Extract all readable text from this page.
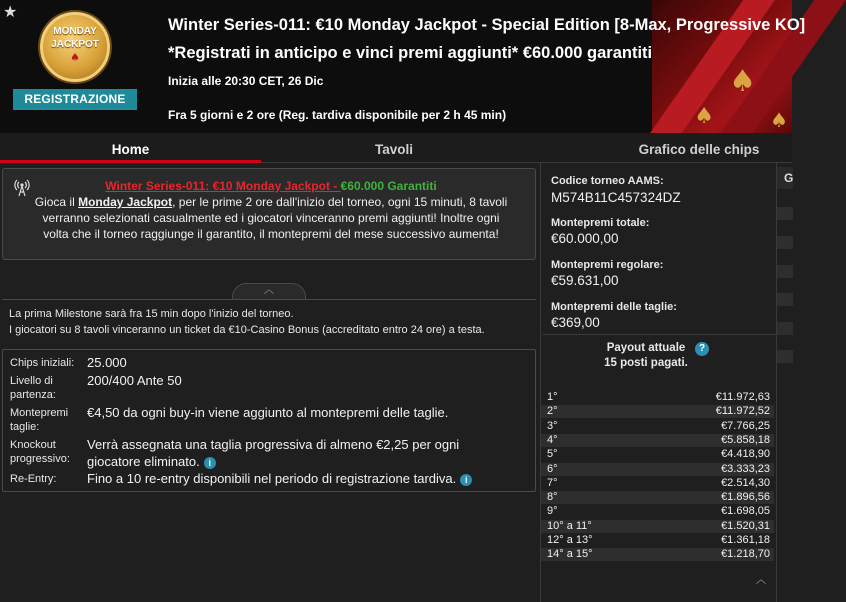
♠
♠	♠
★
MONDAY
JACKPOT
♠
REGISTRAZIONE
Winter Series-011: €10 Monday Jackpot - Special Edition [8-Max, Progressive KO]
*Registrati in anticipo e vinci premi aggiunti* €60.000 garantiti
Inizia alle 20:30 CET, 26 Dic
Fra 5 giorni e 2 ore (Reg. tardiva disponibile per 2 h 45 min)
Home	Tavoli	Grafico delle chips
Winter Series-011: €10 Monday Jackpot - €60.000 Garantiti
Gioca il Monday Jackpot, per le prime 2 ore dall'inizio del torneo, ogni 15 minuti, 8 tavoli verranno selezionati casualmente ed i giocatori vinceranno premi aggiunti! Inoltre ogni volta che il torneo raggiunge il garantito, il montepremi del mese successivo aumenta!
︿
La prima Milestone sarà fra 15 min dopo l'inizio del torneo.
I giocatori su 8 tavoli vinceranno un ticket da €10-Casino Bonus (accreditato entro 24 ore) a testa.
Chips iniziali: 25.000
Livello di partenza:
200/400 Ante 50
Montepremi taglie:
€4,50 da ogni buy-in viene aggiunto al montepremi delle taglie.
Knockout progressivo:
Verrà assegnata una taglia progressiva di almeno €2,25 per ogni giocatore eliminato. i
Re-Entry:	Fino a 10 re-entry disponibili nel periodo di registrazione tardiva. i
Codice torneo AAMS:
M574B11C457324DZ
Montepremi totale:
€60.000,00
Montepremi regolare:
€59.631,00
Montepremi delle taglie:
€369,00
Payout attuale 15 posti pagati.
?
1°	€11.972,63
2°	€11.972,52
3°	€7.766,25
4°	€5.858,18
5°	€4.418,90
6°	€3.333,23
7°	€2.514,30
8°	€1.896,56
9°	€1.698,05
10° a 11°	€1.520,31
12° a 13°	€1.361,18
14° a 15°	€1.218,70
︿
G
